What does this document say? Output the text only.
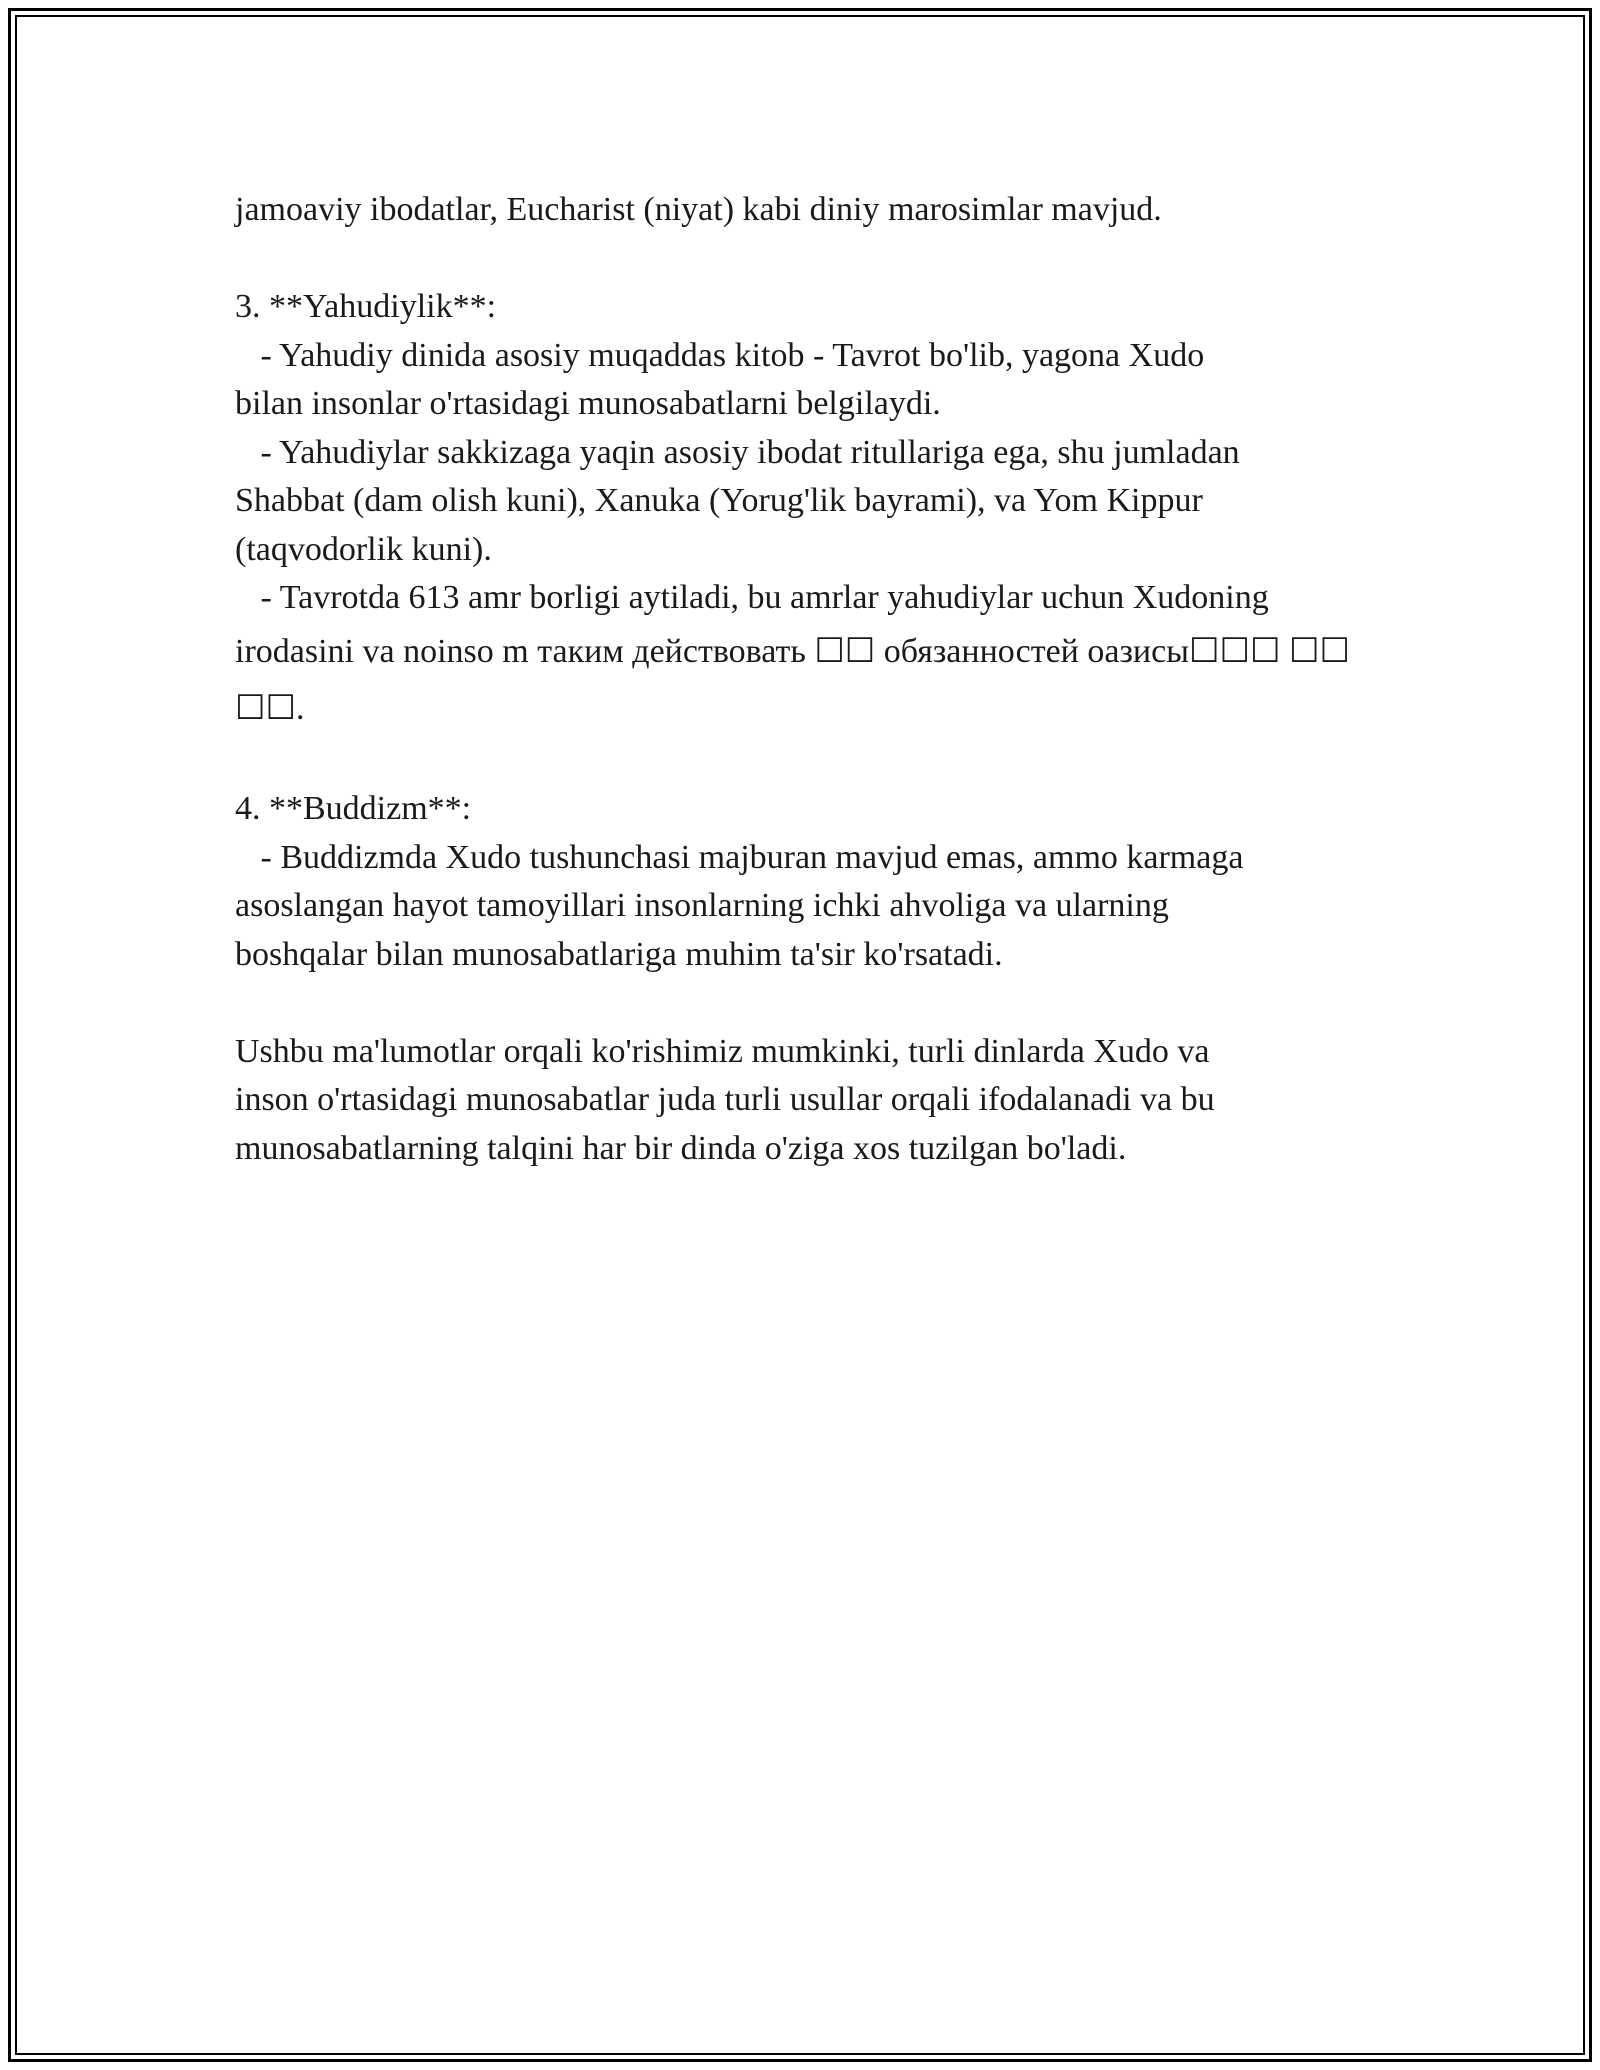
jamoaviy ibodatlar, Eucharist (niyat) kabi diniy marosimlar mavjud.
3. **Yahudiylik**:
- Yahudiy dinida asosiy muqaddas kitob - Tavrot bo'lib, yagona Xudo
bilan insonlar o'rtasidagi munosabatlarni belgilaydi.
- Yahudiylar sakkizaga yaqin asosiy ibodat ritullariga ega, shu jumladan
Shabbat (dam olish kuni), Xanuka (Yorug'lik bayrami), va Yom Kippur
(taqvodorlik kuni).
- Tavrotda 613 amr borligi aytiladi, bu amrlar yahudiylar uchun Xudoning
irodasini va noinso m таким действовать ☐☐ обязанностей оазисы☐☐☐ ☐☐
☐☐.
4. **Buddizm**:
- Buddizmda Xudo tushunchasi majburan mavjud emas, ammo karmaga
asoslangan hayot tamoyillari insonlarning ichki ahvoliga va ularning
boshqalar bilan munosabatlariga muhim ta'sir ko'rsatadi.
Ushbu ma'lumotlar orqali ko'rishimiz mumkinki, turli dinlarda Xudo va
inson o'rtasidagi munosabatlar juda turli usullar orqali ifodalanadi va bu
munosabatlarning talqini har bir dinda o'ziga xos tuzilgan bo'ladi.
